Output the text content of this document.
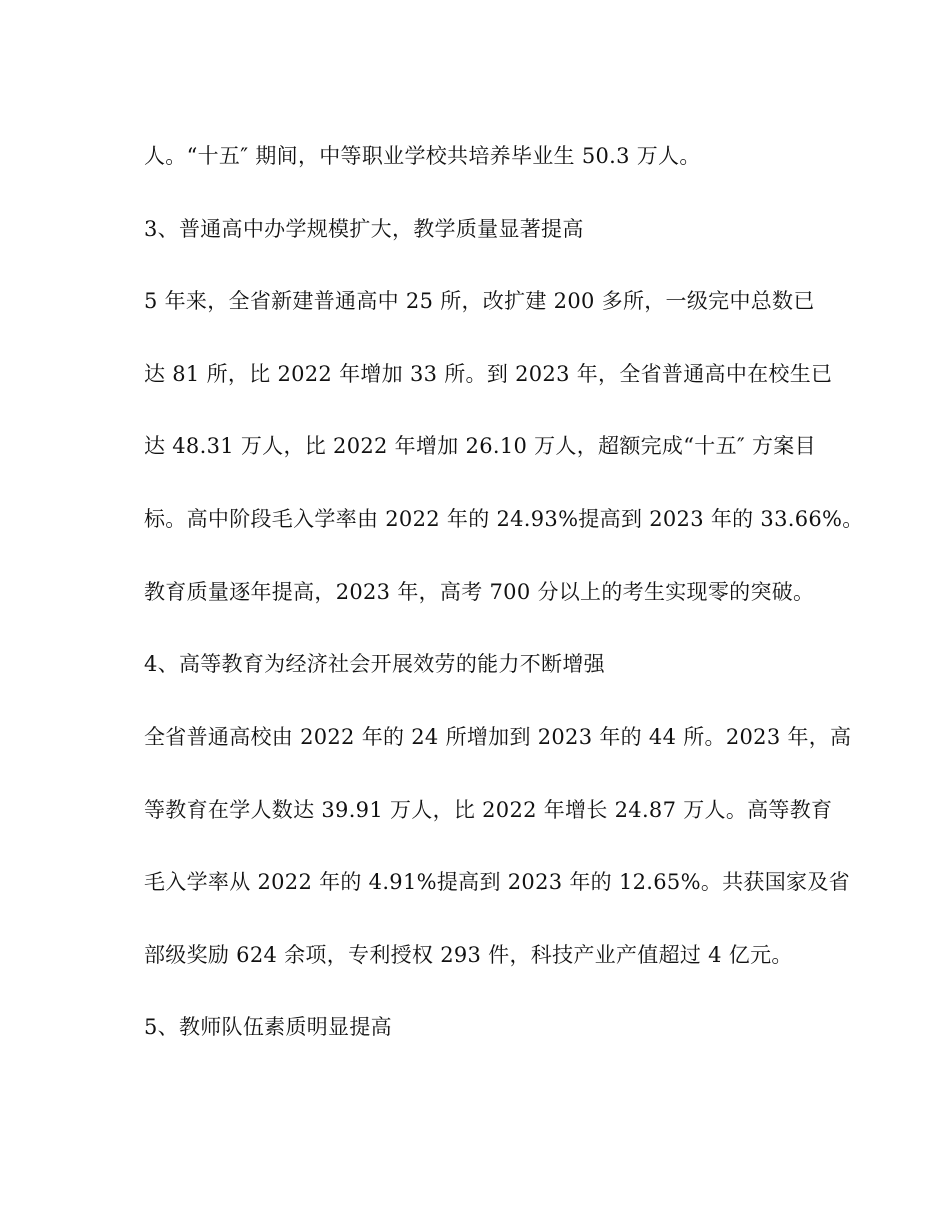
人。“十五″ 期间，中等职业学校共培养毕业生 50.3 万人。
3、普通高中办学规模扩大，教学质量显著提高
5 年来，全省新建普通高中 25 所，改扩建 200 多所，一级完中总数已
达 81 所，比 2022 年增加 33 所。到 2023 年，全省普通高中在校生已
达 48.31 万人，比 2022 年增加 26.10 万人，超额完成“十五″ 方案目
标。高中阶段毛入学率由 2022 年的 24.93%提高到 2023 年的 33.66%。
教育质量逐年提高，2023 年，高考 700 分以上的考生实现零的突破。
4、高等教育为经济社会开展效劳的能力不断增强
全省普通高校由 2022 年的 24 所增加到 2023 年的 44 所。2023 年，高
等教育在学人数达 39.91 万人，比 2022 年增长 24.87 万人。高等教育
毛入学率从 2022 年的 4.91%提高到 2023 年的 12.65%。共获国家及省
部级奖励 624 余项，专利授权 293 件，科技产业产值超过 4 亿元。
5、教师队伍素质明显提高
